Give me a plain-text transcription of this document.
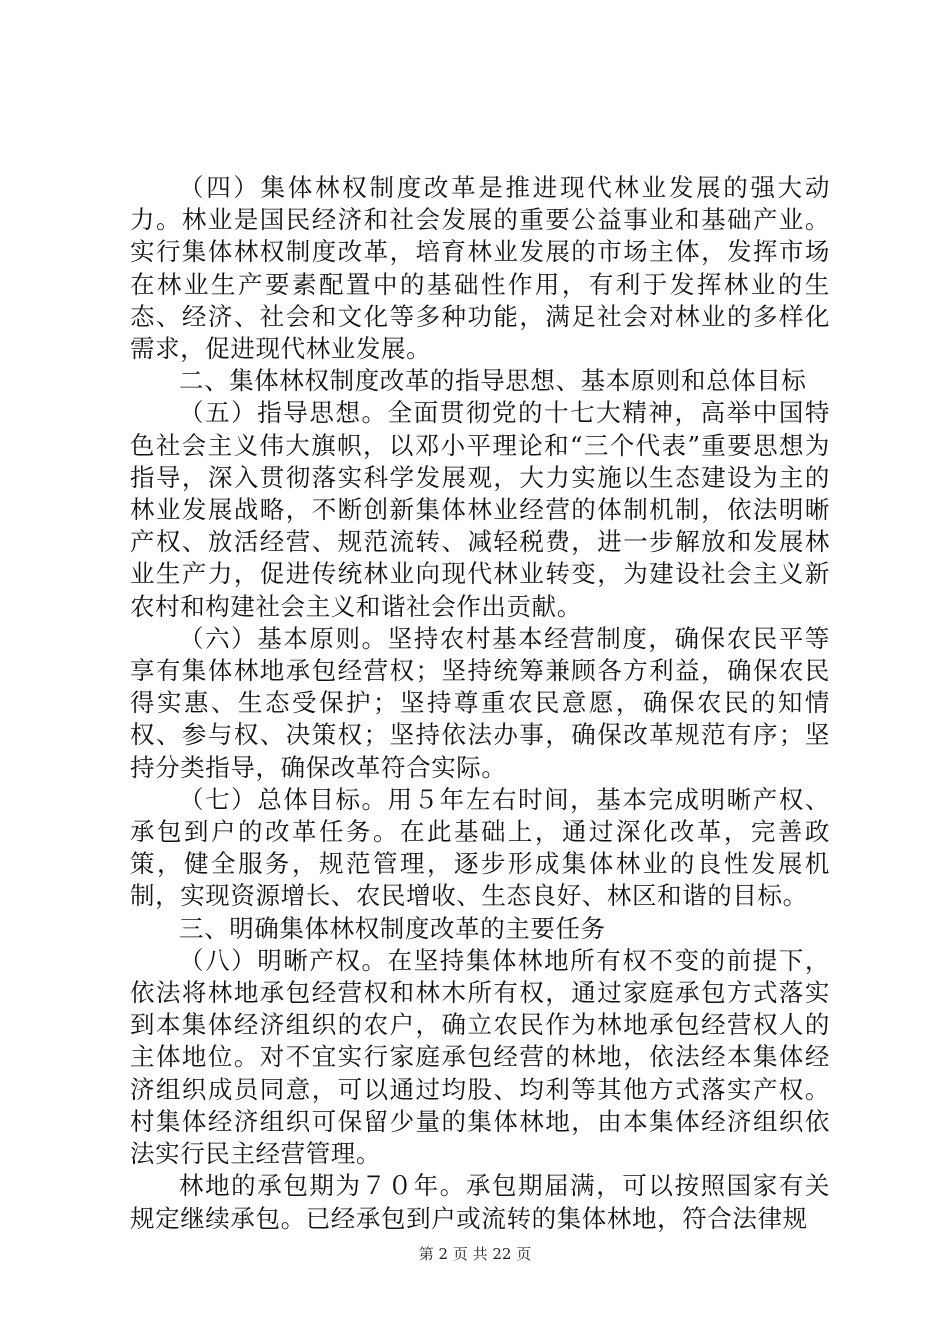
（四）集体林权制度改革是推进现代林业发展的强大动力。林业是国民经济和社会发展的重要公益事业和基础产业。实行集体林权制度改革，培育林业发展的市场主体，发挥市场在林业生产要素配置中的基础性作用，有利于发挥林业的生态、经济、社会和文化等多种功能，满足社会对林业的多样化需求，促进现代林业发展。

二、集体林权制度改革的指导思想、基本原则和总体目标

（五）指导思想。全面贯彻党的十七大精神，高举中国特色社会主义伟大旗帜，以邓小平理论和“三个代表”重要思想为指导，深入贯彻落实科学发展观，大力实施以生态建设为主的林业发展战略，不断创新集体林业经营的体制机制，依法明晰产权、放活经营、规范流转、减轻税费，进一步解放和发展林业生产力，促进传统林业向现代林业转变，为建设社会主义新农村和构建社会主义和谐社会作出贡献。

（六）基本原则。坚持农村基本经营制度，确保农民平等享有集体林地承包经营权；坚持统筹兼顾各方利益，确保农民得实惠、生态受保护；坚持尊重农民意愿，确保农民的知情权、参与权、决策权；坚持依法办事，确保改革规范有序；坚持分类指导，确保改革符合实际。

（七）总体目标。用５年左右时间，基本完成明晰产权、承包到户的改革任务。在此基础上，通过深化改革，完善政策，健全服务，规范管理，逐步形成集体林业的良性发展机制，实现资源增长、农民增收、生态良好、林区和谐的目标。

三、明确集体林权制度改革的主要任务

（八）明晰产权。在坚持集体林地所有权不变的前提下，依法将林地承包经营权和林木所有权，通过家庭承包方式落实到本集体经济组织的农户，确立农民作为林地承包经营权人的主体地位。对不宜实行家庭承包经营的林地，依法经本集体经济组织成员同意，可以通过均股、均利等其他方式落实产权。村集体经济组织可保留少量的集体林地，由本集体经济组织依法实行民主经营管理。

林地的承包期为７０年。承包期届满，可以按照国家有关规定继续承包。已经承包到户或流转的集体林地，符合法律规

第 2 页 共 22 页
